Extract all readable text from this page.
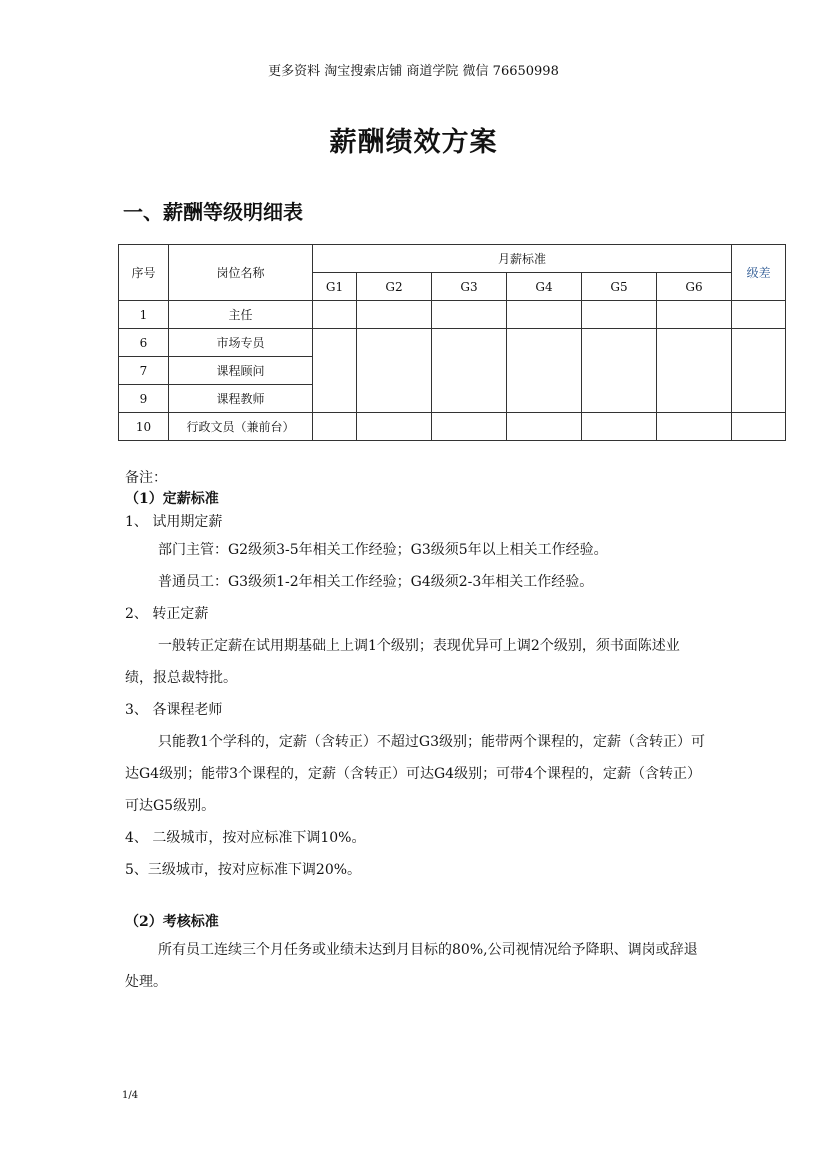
更多资料 淘宝搜索店铺 商道学院 微信 76650998
薪酬绩效方案
一、薪酬等级明细表
序号	岗位名称	月薪标准						级差
		G1	G2	G3	G4	G5	G6	
1	主任							
6	市场专员							
7	课程顾问							
9	课程教师							
10	行政文员（兼前台）							
备注：
（1）定薪标准
1、 试用期定薪
部门主管：G2级须3-5年相关工作经验；G3级须5年以上相关工作经验。
普通员工：G3级须1-2年相关工作经验；G4级须2-3年相关工作经验。
2、 转正定薪
一般转正定薪在试用期基础上上调1个级别；表现优异可上调2个级别，须书面陈述业绩，报总裁特批。
3、 各课程老师
只能教1个学科的，定薪（含转正）不超过G3级别；能带两个课程的，定薪（含转正）可达G4级别；能带3个课程的，定薪（含转正）可达G4级别；可带4个课程的，定薪（含转正）可达G5级别。
4、 二级城市，按对应标准下调10%。
5、三级城市，按对应标准下调20%。
（2）考核标准
所有员工连续三个月任务或业绩未达到月目标的80%,公司视情况给予降职、调岗或辞退处理。
1/4
